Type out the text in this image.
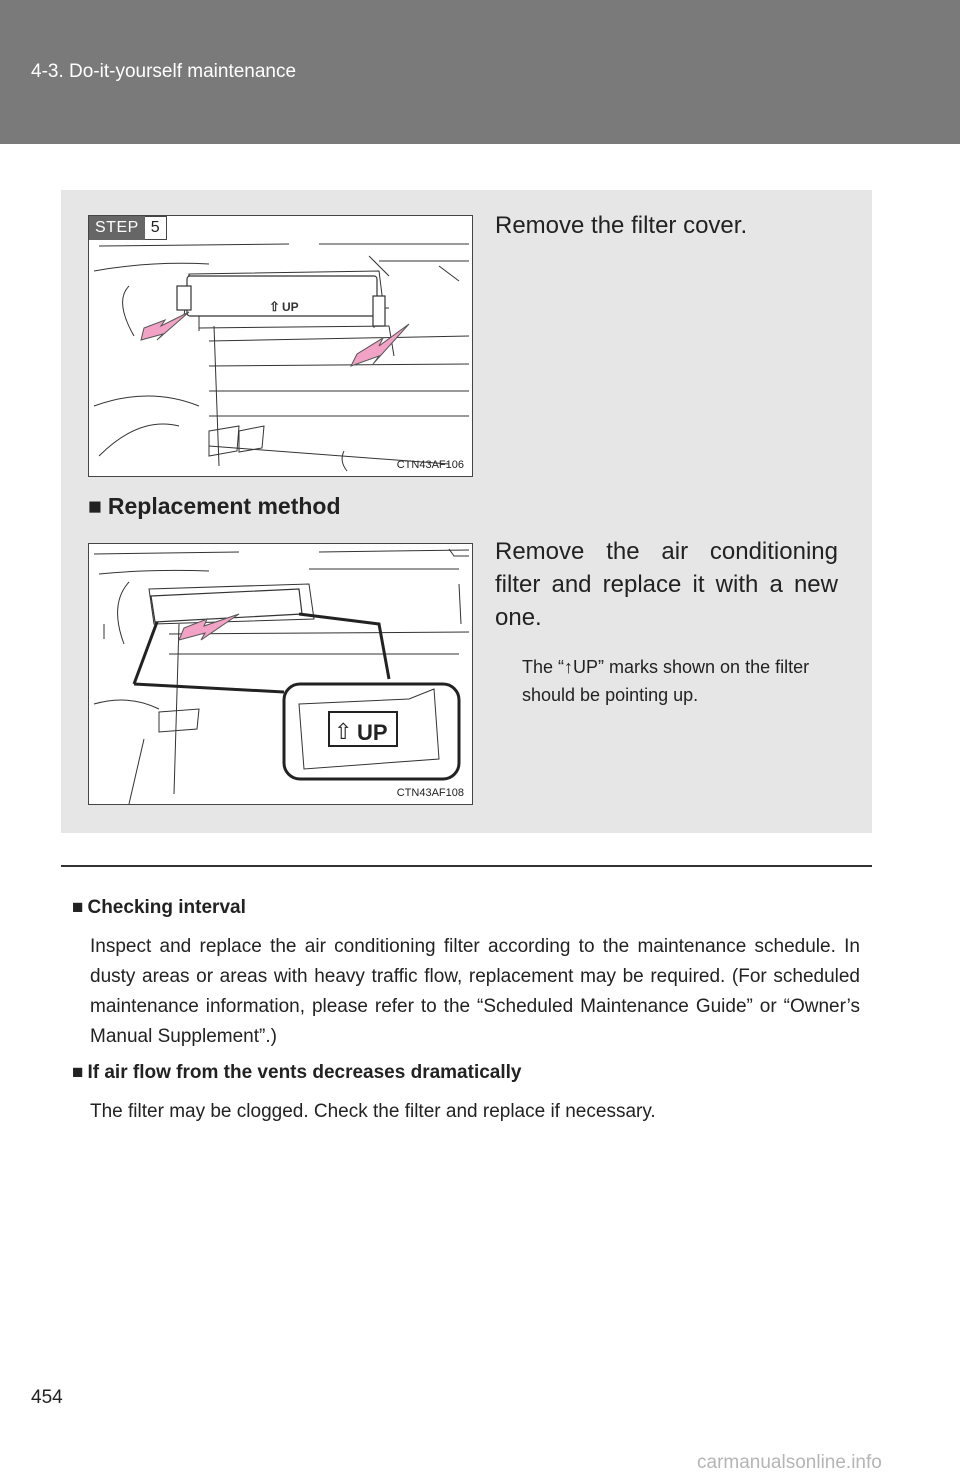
4-3. Do-it-yourself maintenance
⇧ UP
CTN43AF106
STEP 5	Remove the filter cover.
■ Replacement method
⇧ UP
CTN43AF108
Remove the air conditioning filter and replace it with a new one.
The “↑UP” marks shown on the filter should be pointing up.
■ Checking interval
Inspect and replace the air conditioning filter according to the maintenance schedule. In dusty areas or areas with heavy traffic flow, replacement may be required. (For scheduled maintenance information, please refer to the “Scheduled Maintenance Guide” or “Owner’s Manual Supplement”.)
■ If air flow from the vents decreases dramatically
The filter may be clogged. Check the filter and replace if necessary.
454
carmanualsonline.info
